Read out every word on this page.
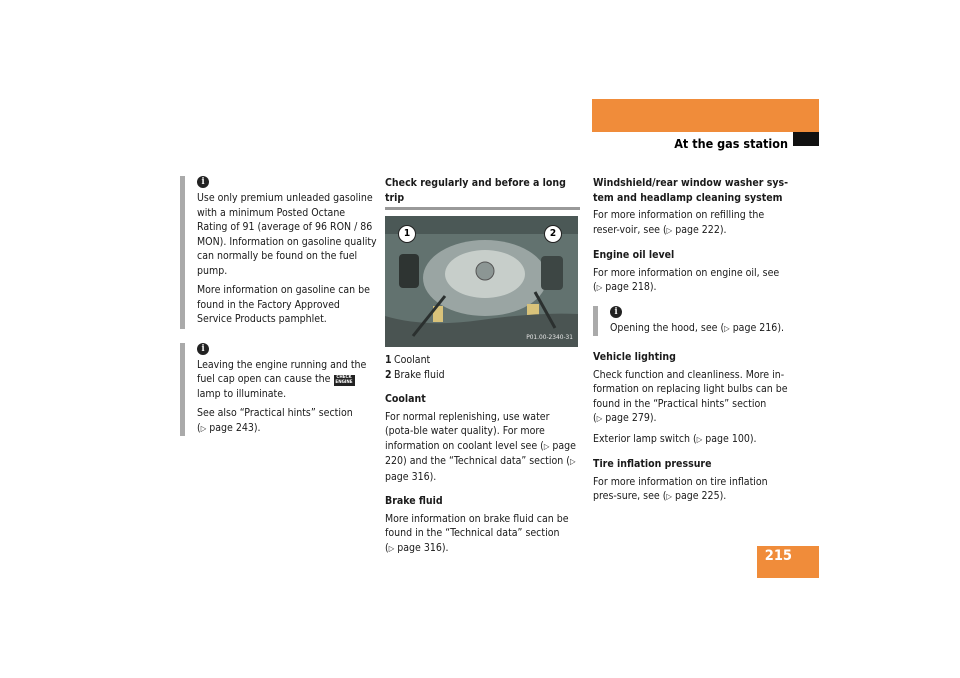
Operation
At the gas station
i

Use only premium unleaded gasoline with a minimum Posted Octane Rating of 91 (average of 96 RON / 86 MON). Information on gasoline quality can normally be found on the fuel pump.

More information on gasoline can be found in the Factory Approved Service Products pamphlet.

i

Leaving the engine running and the fuel cap open can cause the CHECK
ENGINE lamp to illuminate.

See also “Practical hints” section
(▷ page 243).

Check regularly and before a long trip
1	2
P01.00-2340-31
1 Coolant
2 Brake fluid

Coolant

For normal replenishing, use water (pota-ble water quality). For more information on coolant level see (▷ page 220) and the “Technical data” section (▷ page 316).

Brake fluid

More information on brake fluid can be found in the “Technical data” section
(▷ page 316).

Windshield/rear window washer sys-tem and headlamp cleaning system

For more information on refilling the reser-voir, see (▷ page 222).

Engine oil level

For more information on engine oil, see
(▷ page 218).

i

Opening the hood, see (▷ page 216).

Vehicle lighting

Check function and cleanliness. More in-formation on replacing light bulbs can be found in the “Practical hints” section
(▷ page 279).

Exterior lamp switch (▷ page 100).

Tire inflation pressure

For more information on tire inflation pres-sure, see (▷ page 225).

215
